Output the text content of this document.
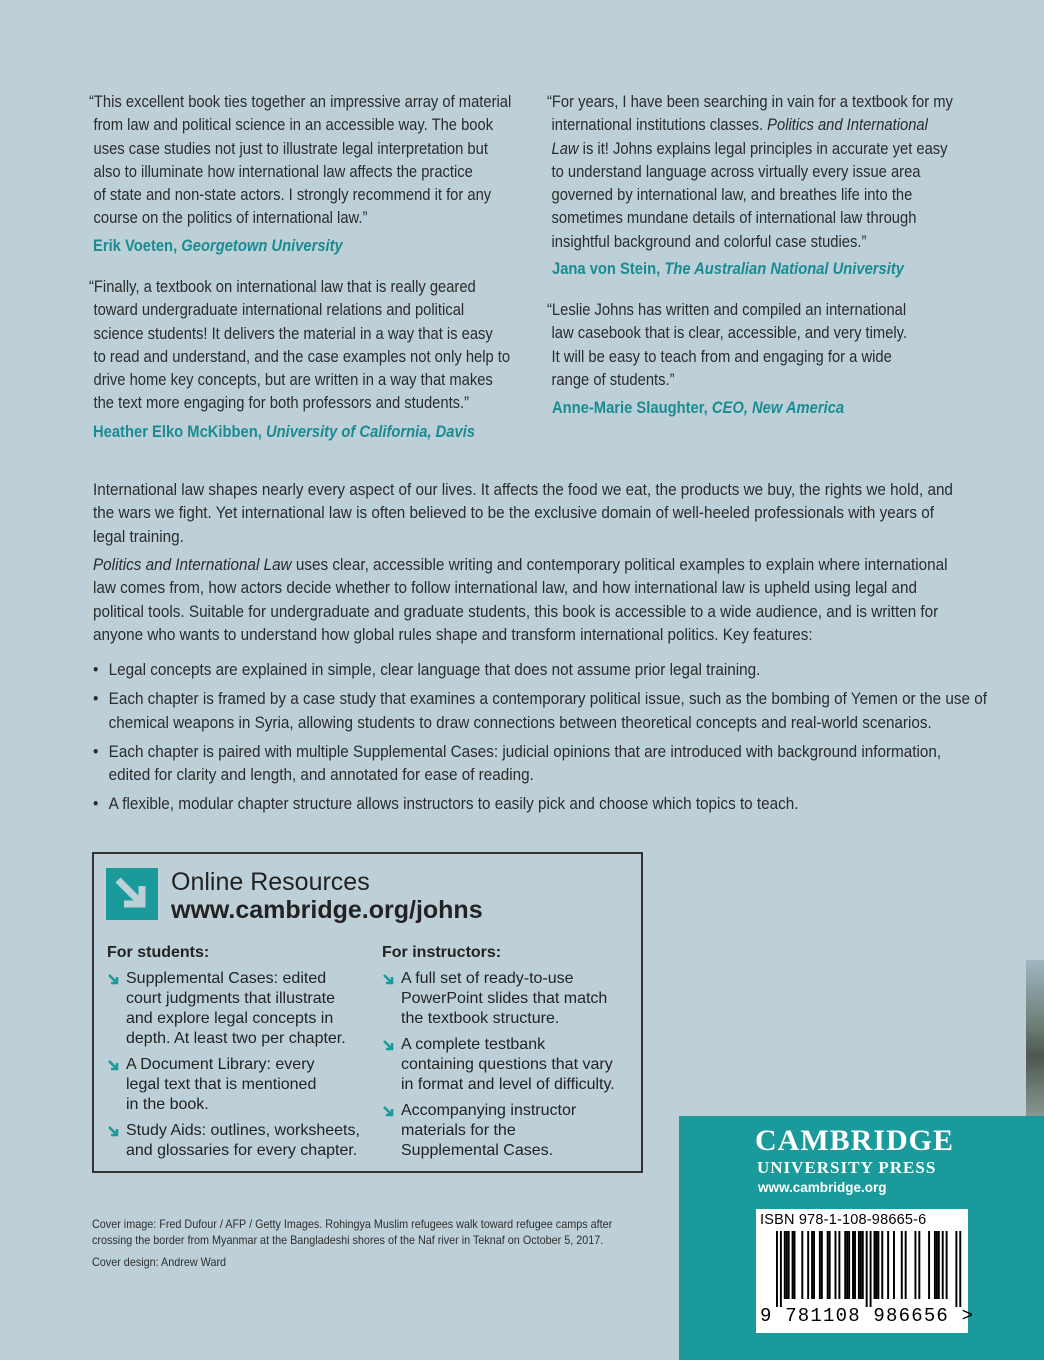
“This excellent book ties together an impressive array of material

from law and political science in an accessible way. The book

uses case studies not just to illustrate legal interpretation but

also to illuminate how international law affects the practice

of state and non-state actors. I strongly recommend it for any

course on the politics of international law.”

Erik Voeten, Georgetown University

“Finally, a textbook on international law that is really geared

toward undergraduate international relations and political

science students! It delivers the material in a way that is easy

to read and understand, and the case examples not only help to

drive home key concepts, but are written in a way that makes

the text more engaging for both professors and students.”

Heather Elko McKibben, University of California, Davis

“For years, I have been searching in vain for a textbook for my

international institutions classes. Politics and International

Law is it! Johns explains legal principles in accurate yet easy

to understand language across virtually every issue area

governed by international law, and breathes life into the

sometimes mundane details of international law through

insightful background and colorful case studies.”

Jana von Stein, The Australian National University

“Leslie Johns has written and compiled an international

law casebook that is clear, accessible, and very timely.

It will be easy to teach from and engaging for a wide

range of students.”

Anne-Marie Slaughter, CEO, New America

International law shapes nearly every aspect of our lives. It affects the food we eat, the products we buy, the rights we hold, and

the wars we fight. Yet international law is often believed to be the exclusive domain of well-heeled professionals with years of

legal training.

Politics and International Law uses clear, accessible writing and contemporary political examples to explain where international

law comes from, how actors decide whether to follow international law, and how international law is upheld using legal and

political tools. Suitable for undergraduate and graduate students, this book is accessible to a wide audience, and is written for

anyone who wants to understand how global rules shape and transform international politics. Key features:

• Legal concepts are explained in simple, clear language that does not assume prior legal training.

• Each chapter is framed by a case study that examines a contemporary political issue, such as the bombing of Yemen or the use of

chemical weapons in Syria, allowing students to draw connections between theoretical concepts and real-world scenarios.

• Each chapter is paired with multiple Supplemental Cases: judicial opinions that are introduced with background information,

edited for clarity and length, and annotated for ease of reading.

• A flexible, modular chapter structure allows instructors to easily pick and choose which topics to teach.

Online Resources
www.cambridge.org/johns
For students:

Supplemental Cases: edited

court judgments that illustrate

and explore legal concepts in

depth. At least two per chapter.

A Document Library: every

legal text that is mentioned

in the book.

Study Aids: outlines, worksheets,

and glossaries for every chapter.

For instructors:

A full set of ready-to-use

PowerPoint slides that match

the textbook structure.

A complete testbank

containing questions that vary

in format and level of difficulty.

Accompanying instructor

materials for the

Supplemental Cases.

Cover image: Fred Dufour / AFP / Getty Images. Rohingya Muslim refugees walk toward refugee camps after

crossing the border from Myanmar at the Bangladeshi shores of the Naf river in Teknaf on October 5, 2017.

Cover design: Andrew Ward

CAMBRIDGE
UNIVERSITY PRESS
www.cambridge.org
ISBN 978-1-108-98665-6
9 781108 986656 >
